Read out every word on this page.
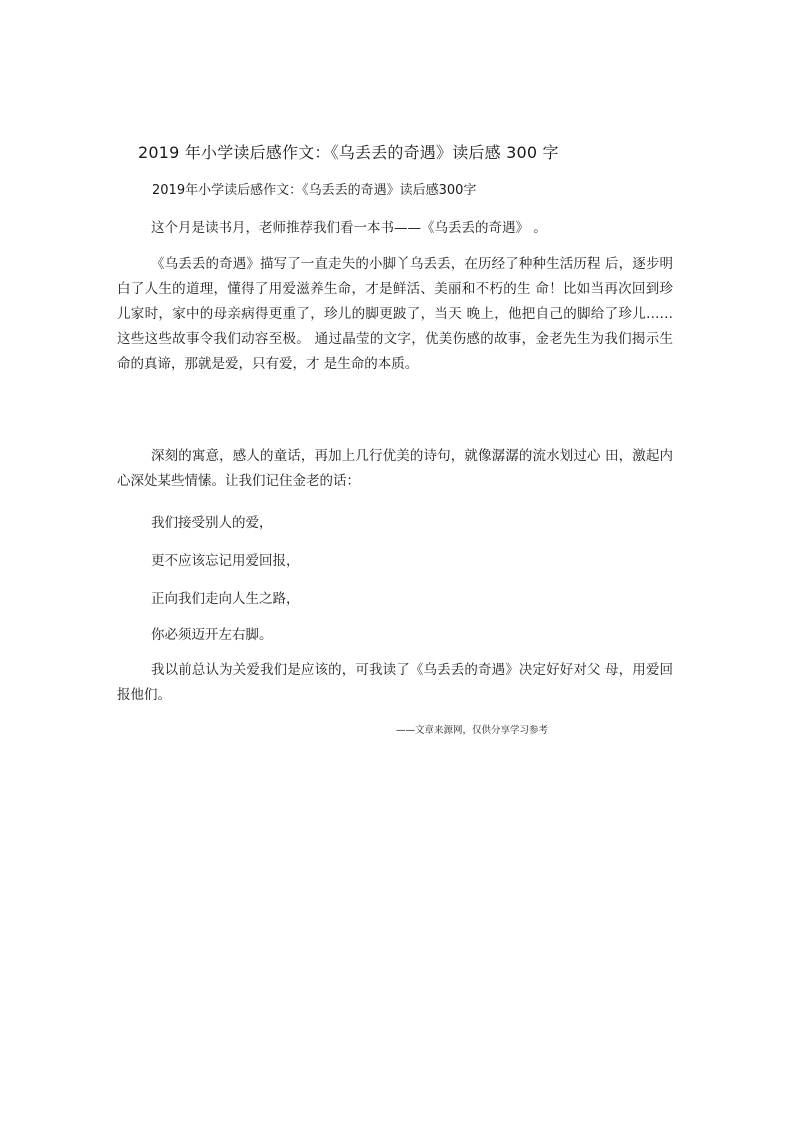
2019 年小学读后感作文：《乌丢丢的奇遇》读后感 300 字
2019年小学读后感作文：《乌丢丢的奇遇》读后感300字

这个月是读书月，老师推荐我们看一本书——《乌丢丢的奇遇》 。

《乌丢丢的奇遇》描写了一直走失的小脚丫乌丢丢，在历经了种种生活历程 后，逐步明白了人生的道理，懂得了用爱滋养生命，才是鲜活、美丽和不朽的生 命！比如当再次回到珍儿家时，家中的母亲病得更重了，珍儿的脚更跛了，当天 晚上，他把自己的脚给了珍儿……这些这些故事令我们动容至极。 通过晶莹的文字，优美伤感的故事，金老先生为我们揭示生命的真谛，那就是爱，只有爱，才 是生命的本质。

深刻的寓意，感人的童话，再加上几行优美的诗句，就像潺潺的流水划过心 田，激起内心深处某些情愫。让我们记住金老的话：

我们接受别人的爱，
更不应该忘记用爱回报，
正向我们走向人生之路，
你必须迈开左右脚。

我以前总认为关爱我们是应该的，可我读了《乌丢丢的奇遇》决定好好对父 母，用爱回报他们。

——文章来源网，仅供分享学习参考
